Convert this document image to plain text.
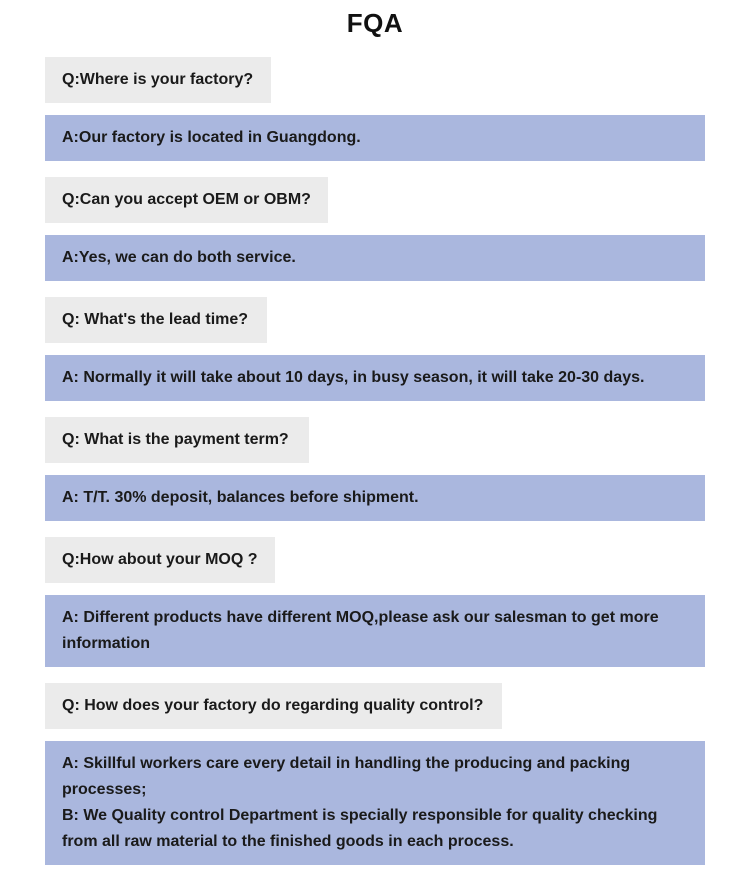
FQA
Q:Where is your factory?
A:Our factory is located in Guangdong.
Q:Can you accept OEM or OBM?
A:Yes, we can do both service.
Q: What's the lead time?
A: Normally it will take about 10 days, in busy season, it will take 20-30 days.
Q: What is the payment term?
A: T/T. 30% deposit, balances before shipment.
Q:How about your MOQ ?
A: Different products have different MOQ,please ask our salesman to get more
information
Q: How does your factory do regarding quality control?
A: Skillful workers care every detail in handling the producing and packing
processes;
B: We Quality control Department is specially responsible for quality checking
from all raw material to the finished goods in each process.
